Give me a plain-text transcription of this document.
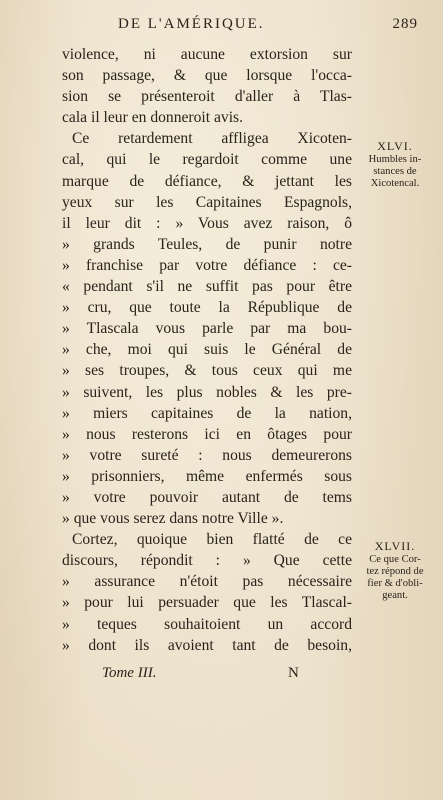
DE L'AMÉRIQUE.	289
violence, ni aucune extorsion sur
son passage, & que lorsque l'occa-
sion se présenteroit d'aller à Tlas-
cala il leur en donneroit avis.
Ce retardement affligea Xicoten-
cal, qui le regardoit comme une
marque de défiance, & jettant les
yeux sur les Capitaines Espagnols,
il leur dit : » Vous avez raison, ô
» grands Teules, de punir notre
» franchise par votre défiance : ce-
« pendant s'il ne suffit pas pour être
» cru, que toute la République de
» Tlascala vous parle par ma bou-
» che, moi qui suis le Général de
» ses troupes, & tous ceux qui me
» suivent, les plus nobles & les pre-
» miers capitaines de la nation,
» nous resterons ici en ôtages pour
» votre sureté : nous demeurerons
» prisonniers, même enfermés sous
» votre pouvoir autant de tems
» que vous serez dans notre Ville ».
Cortez, quoique bien flatté de ce
discours, répondit : » Que cette
» assurance n'étoit pas nécessaire
» pour lui persuader que les Tlascal-
» teques souhaitoient un accord
» dont ils avoient tant de besoin,
XLVI.
Humbles in-
stances de
Xicotencal.
XLVII.
Ce que Cor-
tez répond de
fier & d'obli-
geant.
Tome III.	N
